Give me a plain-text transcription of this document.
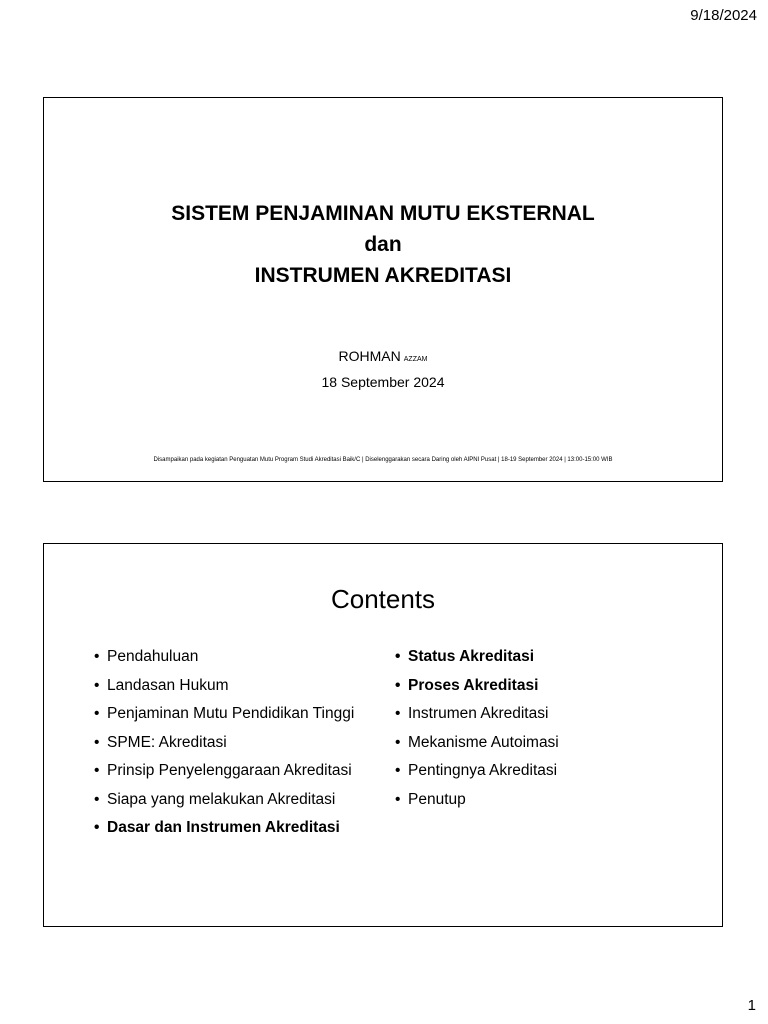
9/18/2024
SISTEM PENJAMINAN MUTU EKSTERNAL
dan
INSTRUMEN AKREDITASI
ROHMAN AZZAM
18 September 2024
Disampaikan pada kegiatan Penguatan Mutu Program Studi Akreditasi Baik/C | Diselenggarakan secara Daring oleh AIPNI Pusat | 18-19 September 2024 | 13:00-15:00 WIB
Contents
• Pendahuluan
• Landasan Hukum
• Penjaminan Mutu Pendidikan Tinggi
• SPME: Akreditasi
• Prinsip Penyelenggaraan Akreditasi
• Siapa yang melakukan Akreditasi
• Dasar dan Instrumen Akreditasi
• Status Akreditasi
• Proses Akreditasi
• Instrumen Akreditasi
• Mekanisme Autoimasi
• Pentingnya Akreditasi
• Penutup
1
